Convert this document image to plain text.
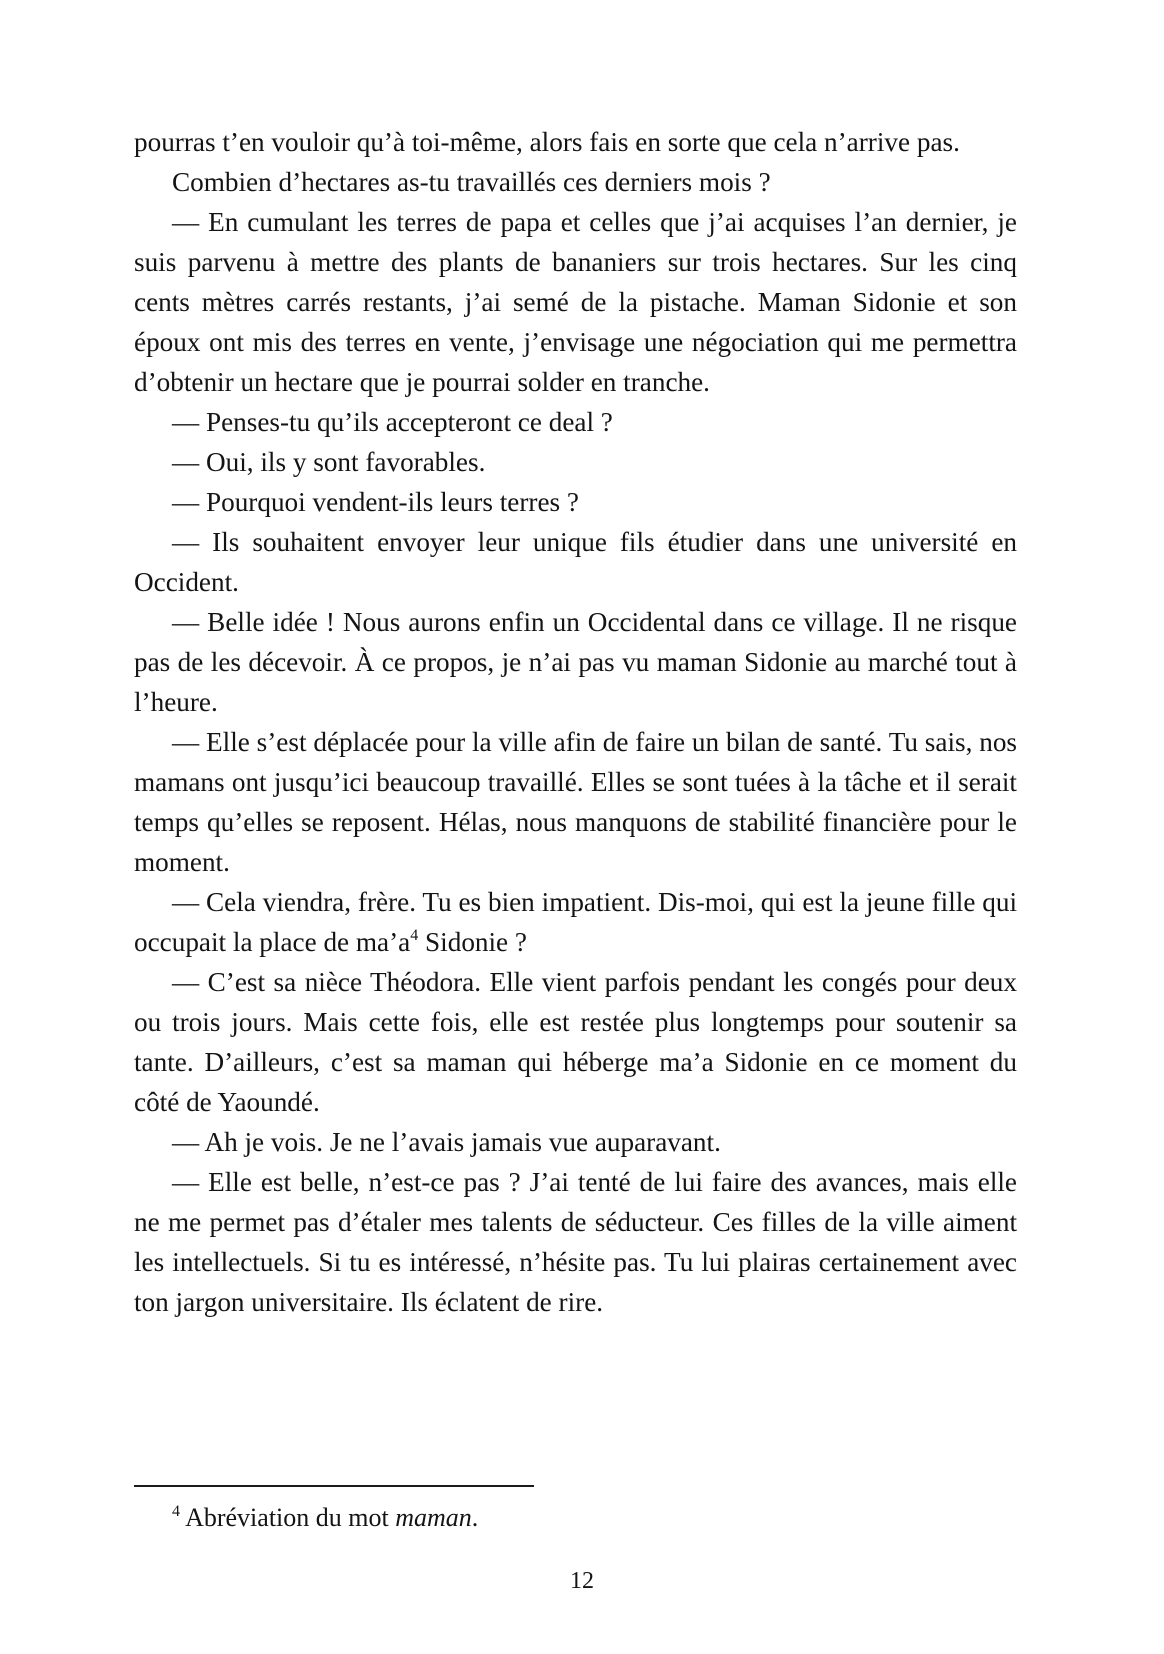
pourras t’en vouloir qu’à toi-même, alors fais en sorte que cela n’arrive pas.

Combien d’hectares as-tu travaillés ces derniers mois ?

— En cumulant les terres de papa et celles que j’ai acquises l’an dernier, je suis parvenu à mettre des plants de bananiers sur trois hectares. Sur les cinq cents mètres carrés restants, j’ai semé de la pistache. Maman Sidonie et son époux ont mis des terres en vente, j’envisage une négociation qui me permettra d’obtenir un hectare que je pourrai solder en tranche.

— Penses-tu qu’ils accepteront ce deal ?

— Oui, ils y sont favorables.

— Pourquoi vendent-ils leurs terres ?

— Ils souhaitent envoyer leur unique fils étudier dans une université en Occident.

— Belle idée ! Nous aurons enfin un Occidental dans ce village. Il ne risque pas de les décevoir. À ce propos, je n’ai pas vu maman Sidonie au marché tout à l’heure.

— Elle s’est déplacée pour la ville afin de faire un bilan de santé. Tu sais, nos mamans ont jusqu’ici beaucoup travaillé. Elles se sont tuées à la tâche et il serait temps qu’elles se reposent. Hélas, nous manquons de stabilité financière pour le moment.

— Cela viendra, frère. Tu es bien impatient. Dis-moi, qui est la jeune fille qui occupait la place de ma’a$^4$ Sidonie ?

— C’est sa nièce Théodora. Elle vient parfois pendant les congés pour deux ou trois jours. Mais cette fois, elle est restée plus longtemps pour soutenir sa tante. D’ailleurs, c’est sa maman qui héberge ma’a Sidonie en ce moment du côté de Yaoundé.

— Ah je vois. Je ne l’avais jamais vue auparavant.

— Elle est belle, n’est-ce pas ? J’ai tenté de lui faire des avances, mais elle ne me permet pas d’étaler mes talents de séducteur. Ces filles de la ville aiment les intellectuels. Si tu es intéressé, n’hésite pas. Tu lui plairas certainement avec ton jargon universitaire. Ils éclatent de rire.

$^4$ Abréviation du mot maman.
12
